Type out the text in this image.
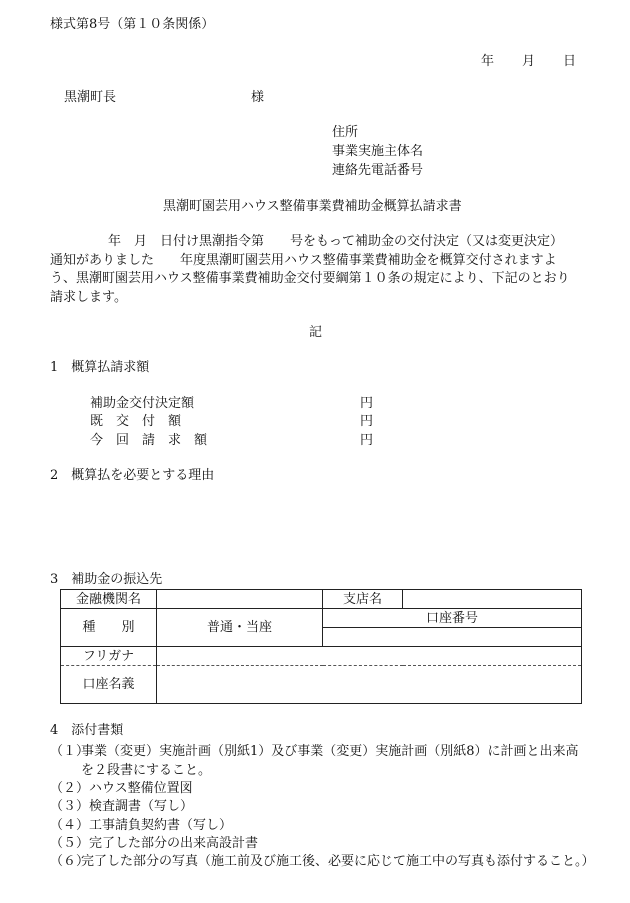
様式第8号（第１０条関係）
年 月 日
黒潮町長	様
住所
事業実施主体名
連絡先電話番号
黒潮町園芸用ハウス整備事業費補助金概算払請求書
年　月　日付け黒潮指令第　　号をもって補助金の交付決定（又は変更決定）
通知がありました　　年度黒潮町園芸用ハウス整備事業費補助金を概算交付されますよ
う、黒潮町園芸用ハウス整備事業費補助金交付要綱第１０条の規定により、下記のとおり
請求します。
記
1　概算払請求額
補助金交付決定額	円
既　交　付　額	円
今　回　請　求　額	円
2　概算払を必要とする理由
3　補助金の振込先
金融機関名		支店名	
種　　別	普通・当座	口座番号	

フリガナ			
口座名義			
4　添付書類
（１）
事業（変更）実施計画（別紙1）及び事業（変更）実施計画（別紙8）に計画と出来高を２段書にすること。
（２）ハウス整備位置図
（３）検査調書（写し）
（４）工事請負契約書（写し）
（５）完了した部分の出来高設計書
（６）
完了した部分の写真（施工前及び施工後、必要に応じて施工中の写真も添付すること。）
